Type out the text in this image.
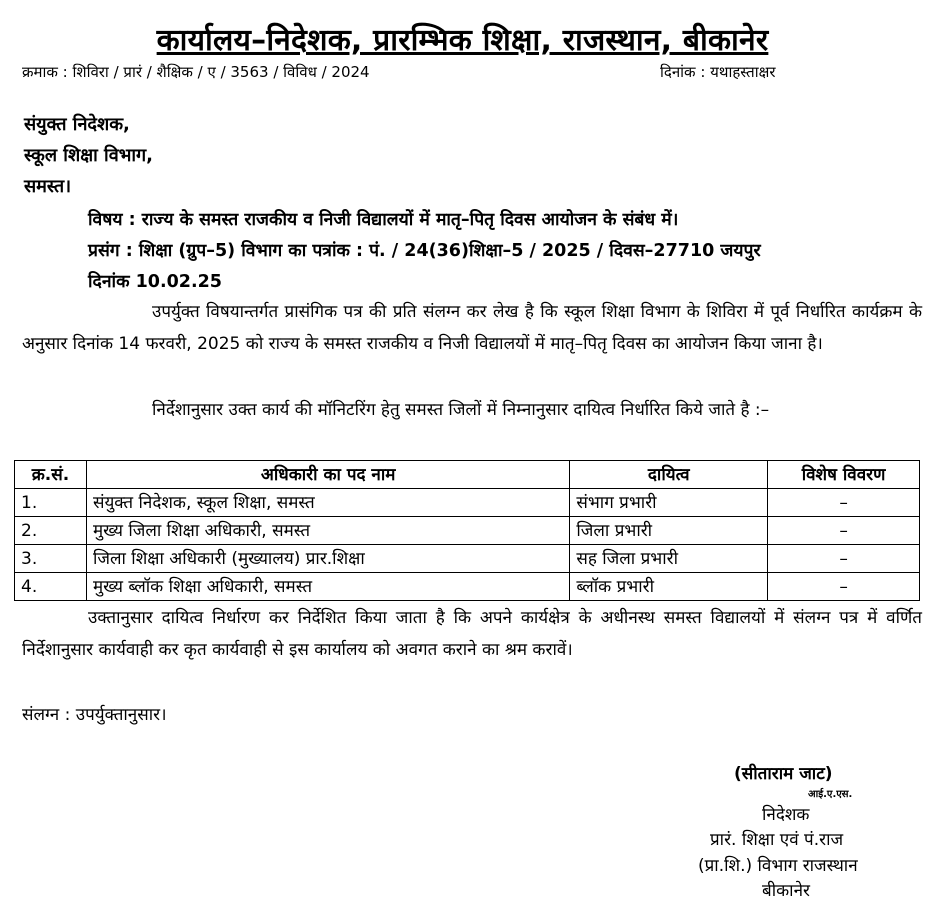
कार्यालय–निदेशक, प्रारम्भिक शिक्षा, राजस्थान, बीकानेर
क्रमाक : शिविरा / प्रारं / शैक्षिक / ए / 3563 / विविध / 2024	दिनांक : यथाहस्ताक्षर
संयुक्त निदेशक,
स्कूल शिक्षा विभाग,
समस्त।
विषय : राज्य के समस्त राजकीय व निजी विद्यालयों में मातृ–पितृ दिवस आयोजन के संबंध में।
प्रसंग : शिक्षा (ग्रुप–5) विभाग का पत्रांक : पं. / 24(36)शिक्षा–5 / 2025 / दिवस–27710 जयपुर
दिनांक 10.02.25
उपर्युक्त विषयान्तर्गत प्रासंगिक पत्र की प्रति संलग्न कर लेख है कि स्कूल शिक्षा विभाग के शिविरा में पूर्व निर्धारित कार्यक्रम के अनुसार दिनांक 14 फरवरी, 2025 को राज्य के समस्त राजकीय व निजी विद्यालयों में मातृ–पितृ दिवस का आयोजन किया जाना है।
निर्देशानुसार उक्त कार्य की मॉनिटरिंग हेतु समस्त जिलों में निम्नानुसार दायित्व निर्धारित किये जाते है :–
क्र.सं.	अधिकारी का पद नाम	दायित्व	विशेष विवरण
1.	संयुक्त निदेशक, स्कूल शिक्षा, समस्त	संभाग प्रभारी	–
2.	मुख्य जिला शिक्षा अधिकारी, समस्त	जिला प्रभारी	–
3.	जिला शिक्षा अधिकारी (मुख्यालय) प्रार.शिक्षा	सह जिला प्रभारी	–
4.	मुख्य ब्लॉक शिक्षा अधिकारी, समस्त	ब्लॉक प्रभारी	–
उक्तानुसार दायित्व निर्धारण कर निर्देशित किया जाता है कि अपने कार्यक्षेत्र के अधीनस्थ समस्त विद्यालयों में संलग्न पत्र में वर्णित निर्देशानुसार कार्यवाही कर कृत कार्यवाही से इस कार्यालय को अवगत कराने का श्रम करावें।
संलग्न : उपर्युक्तानुसार।
(सीताराम जाट)
आई.ए.एस.
निदेशक
प्रारं. शिक्षा एवं पं.राज
(प्रा.शि.) विभाग राजस्थान
बीकानेर
